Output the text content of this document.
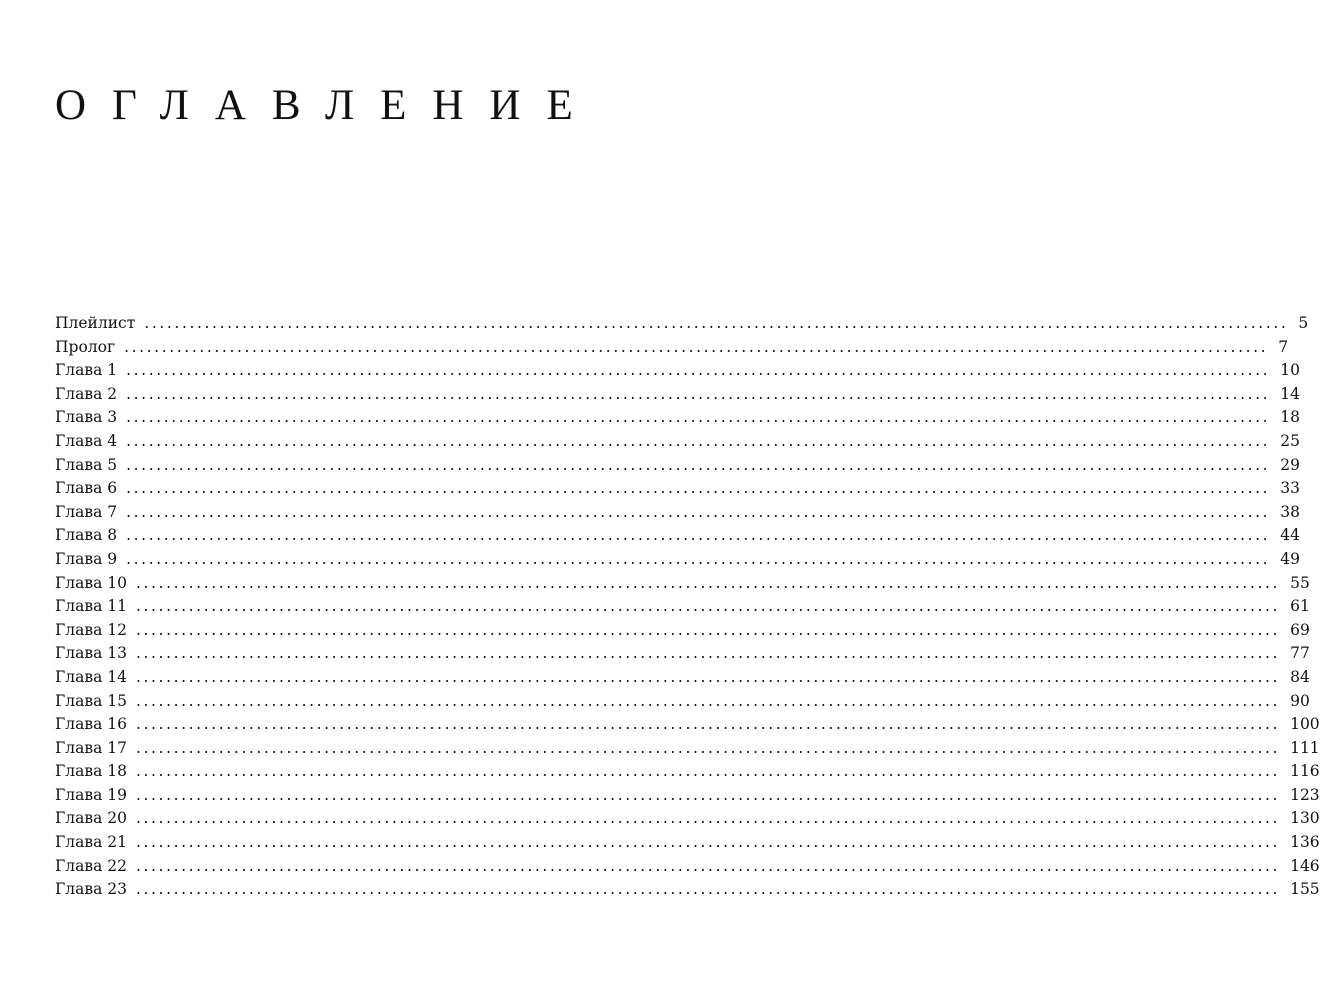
ОГЛАВЛЕНИЕ
Плейлист ........................................................................................................................................................ 5
Пролог ........................................................................................................................................................ 7
Глава 1 ........................................................................................................................................................ 10
Глава 2 ........................................................................................................................................................ 14
Глава 3 ........................................................................................................................................................ 18
Глава 4 ........................................................................................................................................................ 25
Глава 5 ........................................................................................................................................................ 29
Глава 6 ........................................................................................................................................................ 33
Глава 7 ........................................................................................................................................................ 38
Глава 8 ........................................................................................................................................................ 44
Глава 9 ........................................................................................................................................................ 49
Глава 10 ........................................................................................................................................................ 55
Глава 11 ........................................................................................................................................................ 61
Глава 12 ........................................................................................................................................................ 69
Глава 13 ........................................................................................................................................................ 77
Глава 14 ........................................................................................................................................................ 84
Глава 15 ........................................................................................................................................................ 90
Глава 16 ........................................................................................................................................................ 100
Глава 17 ........................................................................................................................................................ 111
Глава 18 ........................................................................................................................................................ 116
Глава 19 ........................................................................................................................................................ 123
Глава 20 ........................................................................................................................................................ 130
Глава 21 ........................................................................................................................................................ 136
Глава 22 ........................................................................................................................................................ 146
Глава 23 ........................................................................................................................................................ 155
